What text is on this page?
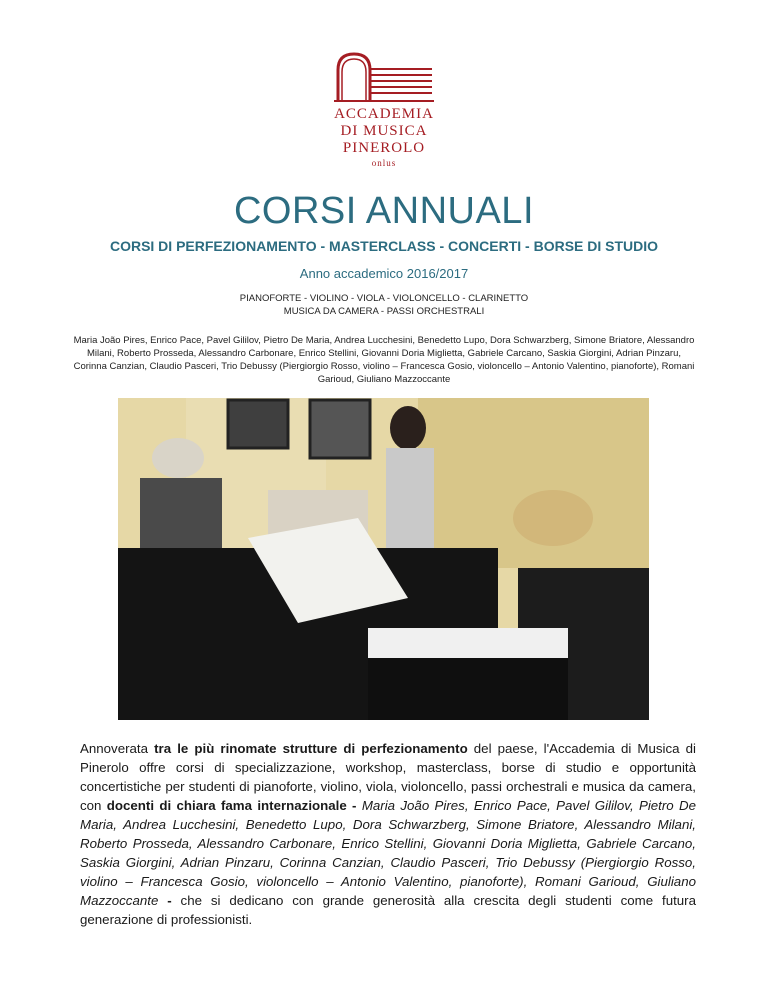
ACCADEMIA
DI MUSICA
PINEROLO
onlus
CORSI ANNUALI
CORSI DI PERFEZIONAMENTO - MASTERCLASS - CONCERTI - BORSE DI STUDIO
Anno accademico 2016/2017
PIANOFORTE - VIOLINO - VIOLA - VIOLONCELLO - CLARINETTO
MUSICA DA CAMERA - PASSI ORCHESTRALI
Maria João Pires, Enrico Pace, Pavel Gililov, Pietro De Maria, Andrea Lucchesini, Benedetto Lupo, Dora Schwarzberg, Simone Briatore, Alessandro Milani, Roberto Prosseda, Alessandro Carbonare, Enrico Stellini, Giovanni Doria Miglietta, Gabriele Carcano, Saskia Giorgini, Adrian Pinzaru, Corinna Canzian, Claudio Pasceri, Trio Debussy (Piergiorgio Rosso, violino – Francesca Gosio, violoncello – Antonio Valentino, pianoforte), Romani Garioud, Giuliano Mazzoccante
Annoverata tra le più rinomate strutture di perfezionamento del paese, l'Accademia di Musica di Pinerolo offre corsi di specializzazione, workshop, masterclass, borse di studio e opportunità concertistiche per studenti di pianoforte, violino, viola, violoncello, passi orchestrali e musica da camera, con docenti di chiara fama internazionale - Maria João Pires, Enrico Pace, Pavel Gililov, Pietro De Maria, Andrea Lucchesini, Benedetto Lupo, Dora Schwarzberg, Simone Briatore, Alessandro Milani, Roberto Prosseda, Alessandro Carbonare, Enrico Stellini, Giovanni Doria Miglietta, Gabriele Carcano, Saskia Giorgini, Adrian Pinzaru, Corinna Canzian, Claudio Pasceri, Trio Debussy (Piergiorgio Rosso, violino – Francesca Gosio, violoncello – Antonio Valentino, pianoforte), Romani Garioud, Giuliano Mazzoccante - che si dedicano con grande generosità alla crescita degli studenti come futura generazione di professionisti.
